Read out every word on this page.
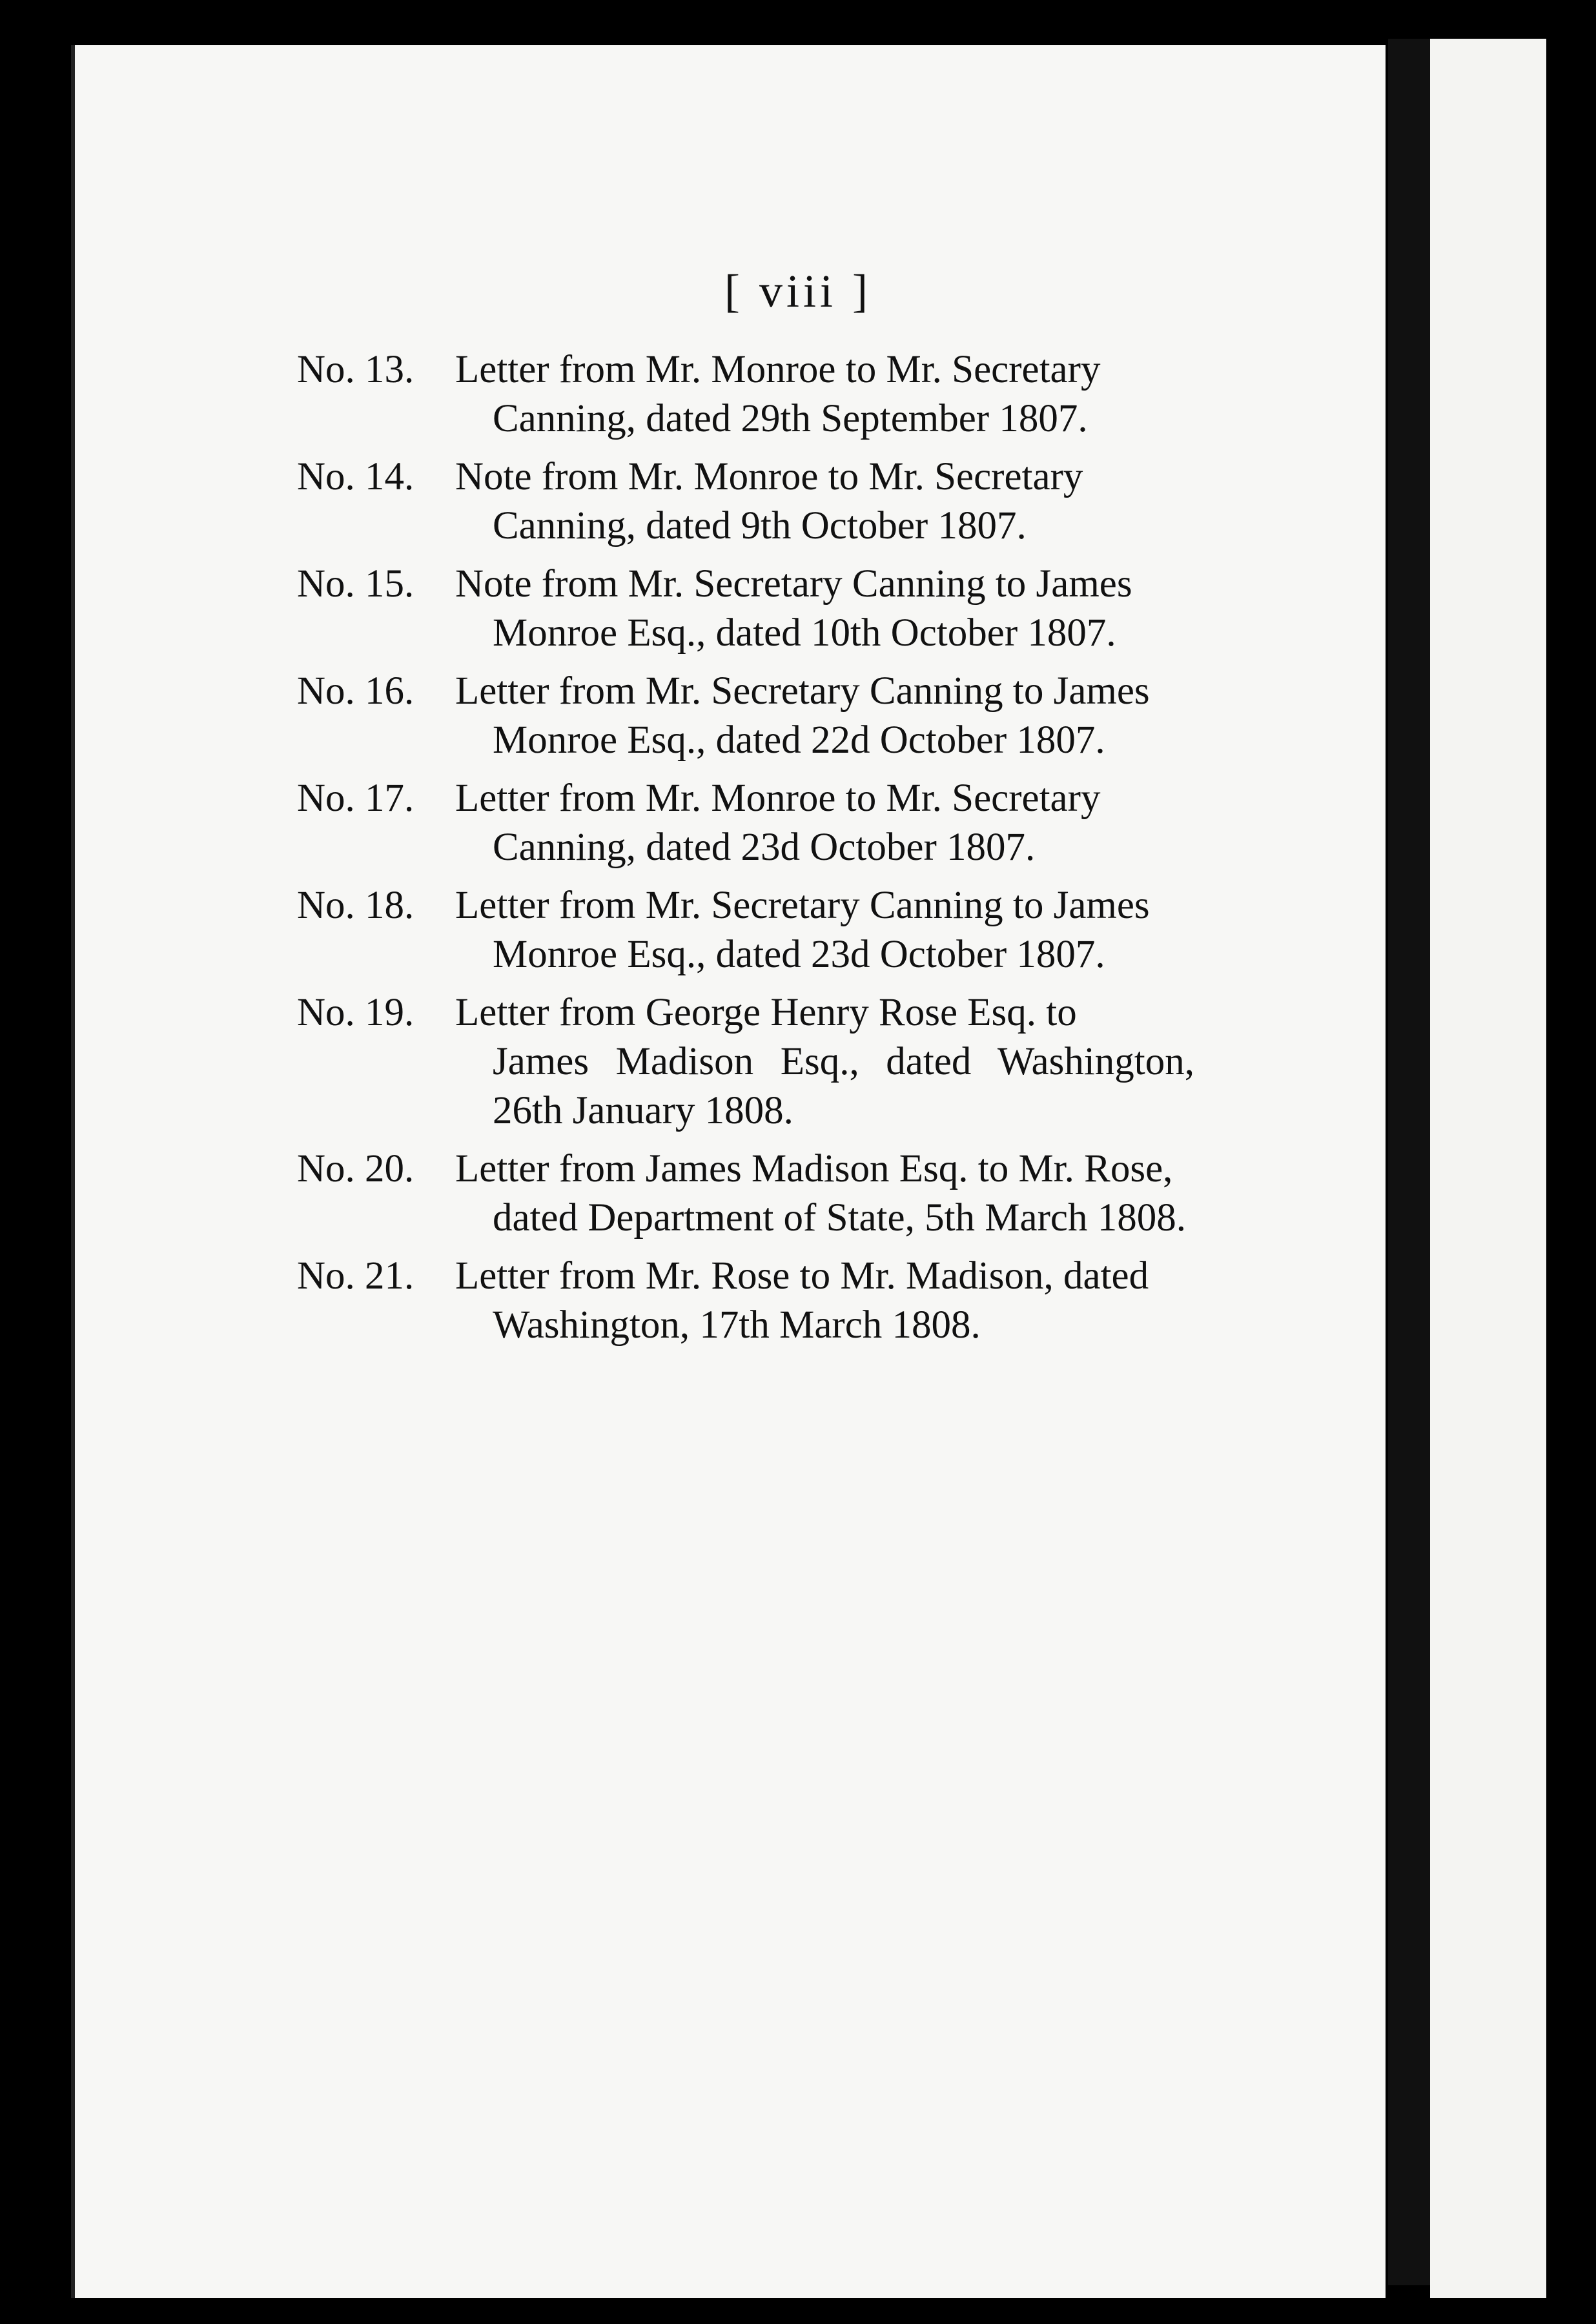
[ viii ]
No. 13.	Letter from Mr. Monroe to Mr. Secretary
Canning, dated 29th September 1807.
No. 14.	Note from Mr. Monroe to Mr. Secretary
Canning, dated 9th October 1807.
No. 15.	Note from Mr. Secretary Canning to James
Monroe Esq., dated 10th October 1807.
No. 16.	Letter from Mr. Secretary Canning to James
Monroe Esq., dated 22d October 1807.
No. 17.	Letter from Mr. Monroe to Mr. Secretary
Canning, dated 23d October 1807.
No. 18.	Letter from Mr. Secretary Canning to James
Monroe Esq., dated 23d October 1807.
No. 19.	Letter from George Henry Rose Esq. to
James Madison Esq., dated Washington, 26th January 1808.
No. 20.	Letter from James Madison Esq. to Mr. Rose,
dated Department of State, 5th March 1808.
No. 21.	Letter from Mr. Rose to Mr. Madison, dated
Washington, 17th March 1808.
